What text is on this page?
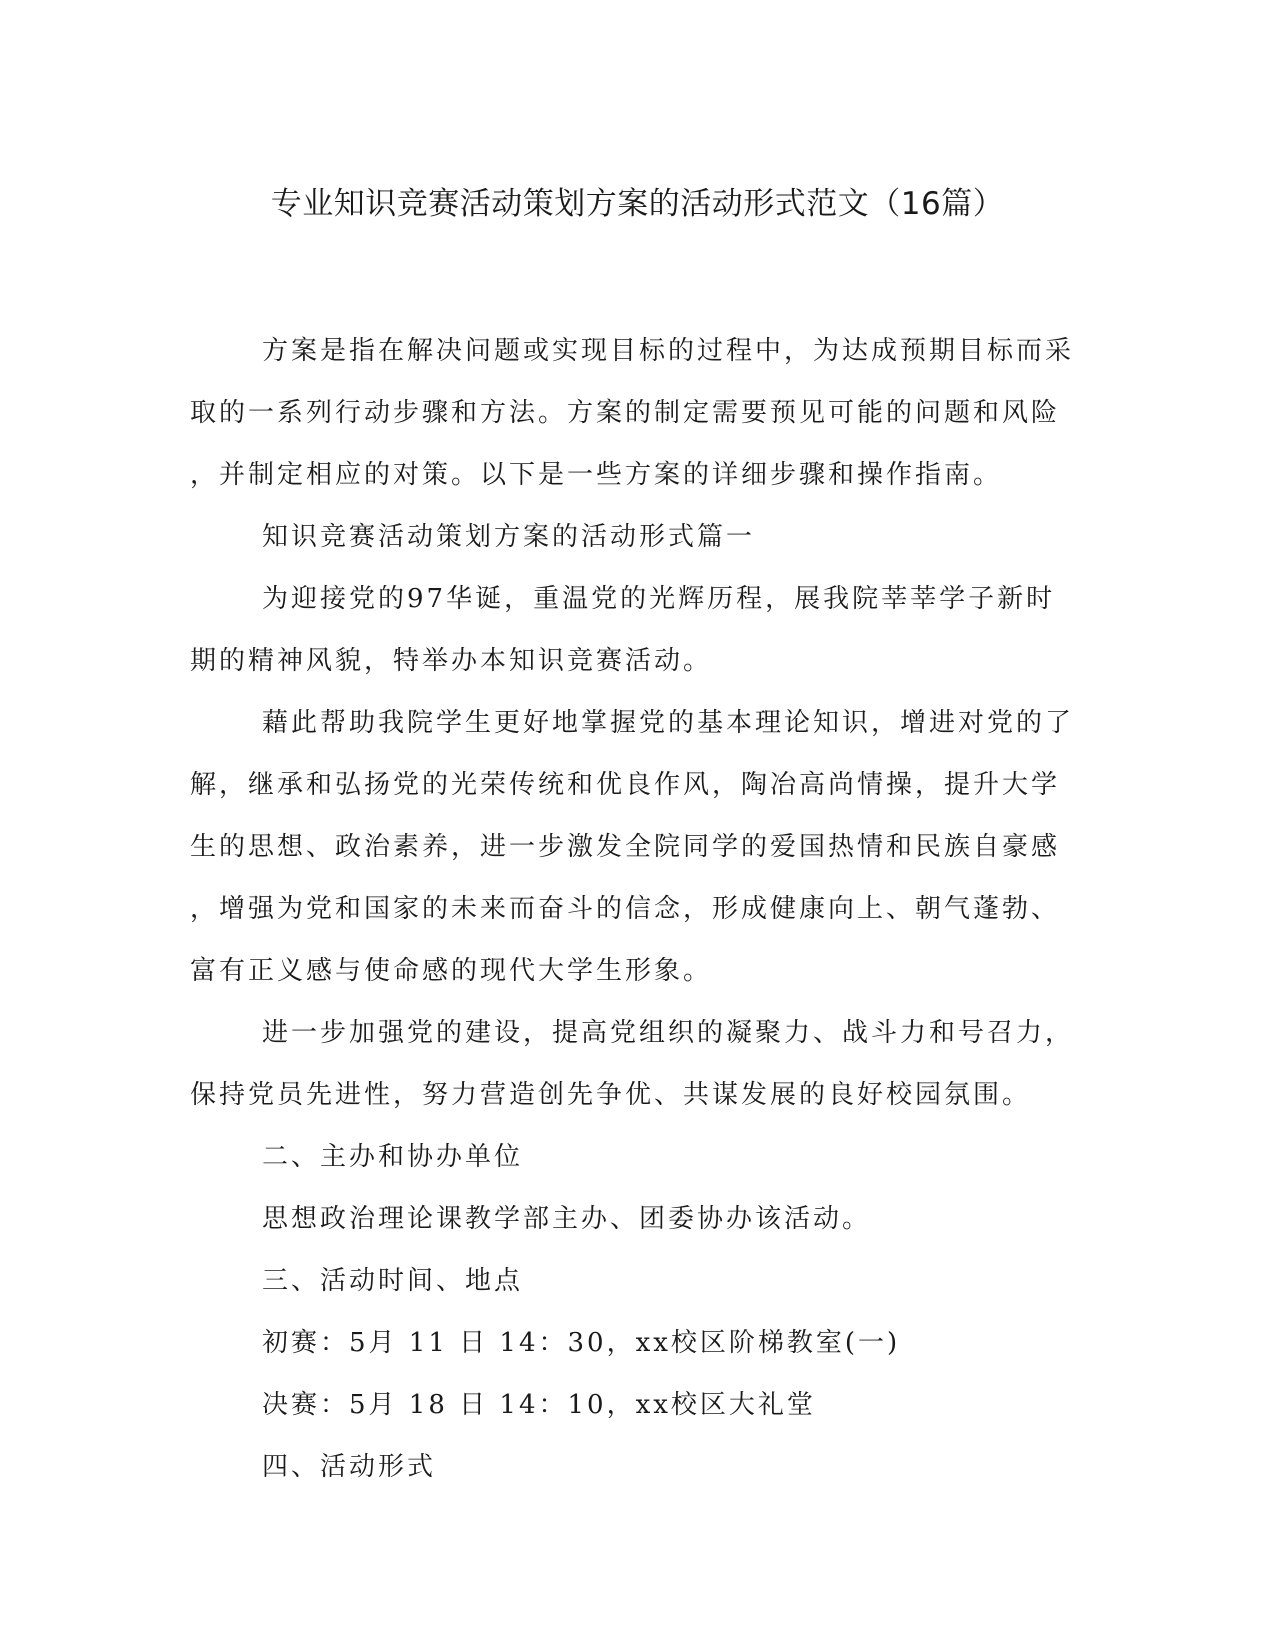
专业知识竞赛活动策划方案的活动形式范文（16篇）

方案是指在解决问题或实现目标的过程中，为达成预期目标而采

取的一系列行动步骤和方法。方案的制定需要预见可能的问题和风险
，并制定相应的对策。以下是一些方案的详细步骤和操作指南。

知识竞赛活动策划方案的活动形式篇一

为迎接党的97华诞，重温党的光辉历程，展我院莘莘学子新时

期的精神风貌，特举办本知识竞赛活动。

藉此帮助我院学生更好地掌握党的基本理论知识，增进对党的了

解，继承和弘扬党的光荣传统和优良作风，陶冶高尚情操，提升大学
生的思想、政治素养，进一步激发全院同学的爱国热情和民族自豪感
，增强为党和国家的未来而奋斗的信念，形成健康向上、朝气蓬勃、
富有正义感与使命感的现代大学生形象。

进一步加强党的建设，提高党组织的凝聚力、战斗力和号召力，

保持党员先进性，努力营造创先争优、共谋发展的良好校园氛围。

二、主办和协办单位

思想政治理论课教学部主办、团委协办该活动。

三、活动时间、地点

初赛：5月 11 日 14：30，xx校区阶梯教室(一)

决赛：5月 18 日 14：10，xx校区大礼堂

四、活动形式
